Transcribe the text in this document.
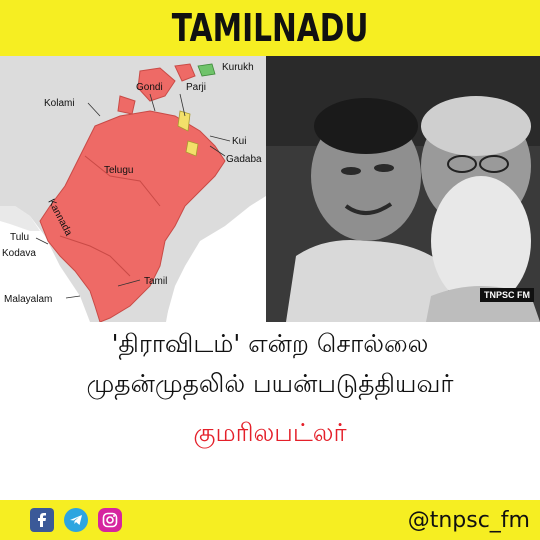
TAMILNADU
Kurukh
Gondi Parji
Kolami
Kui
Gadaba
Telugu
Kannada
Tulu
Kodava
Tamil
Malayalam	TNPSC FM
'திராவிடம்' என்ற சொல்லை
முதன்முதலில் பயன்படுத்தியவர்
குமரிலபட்லர்
@tnpsc_fm
